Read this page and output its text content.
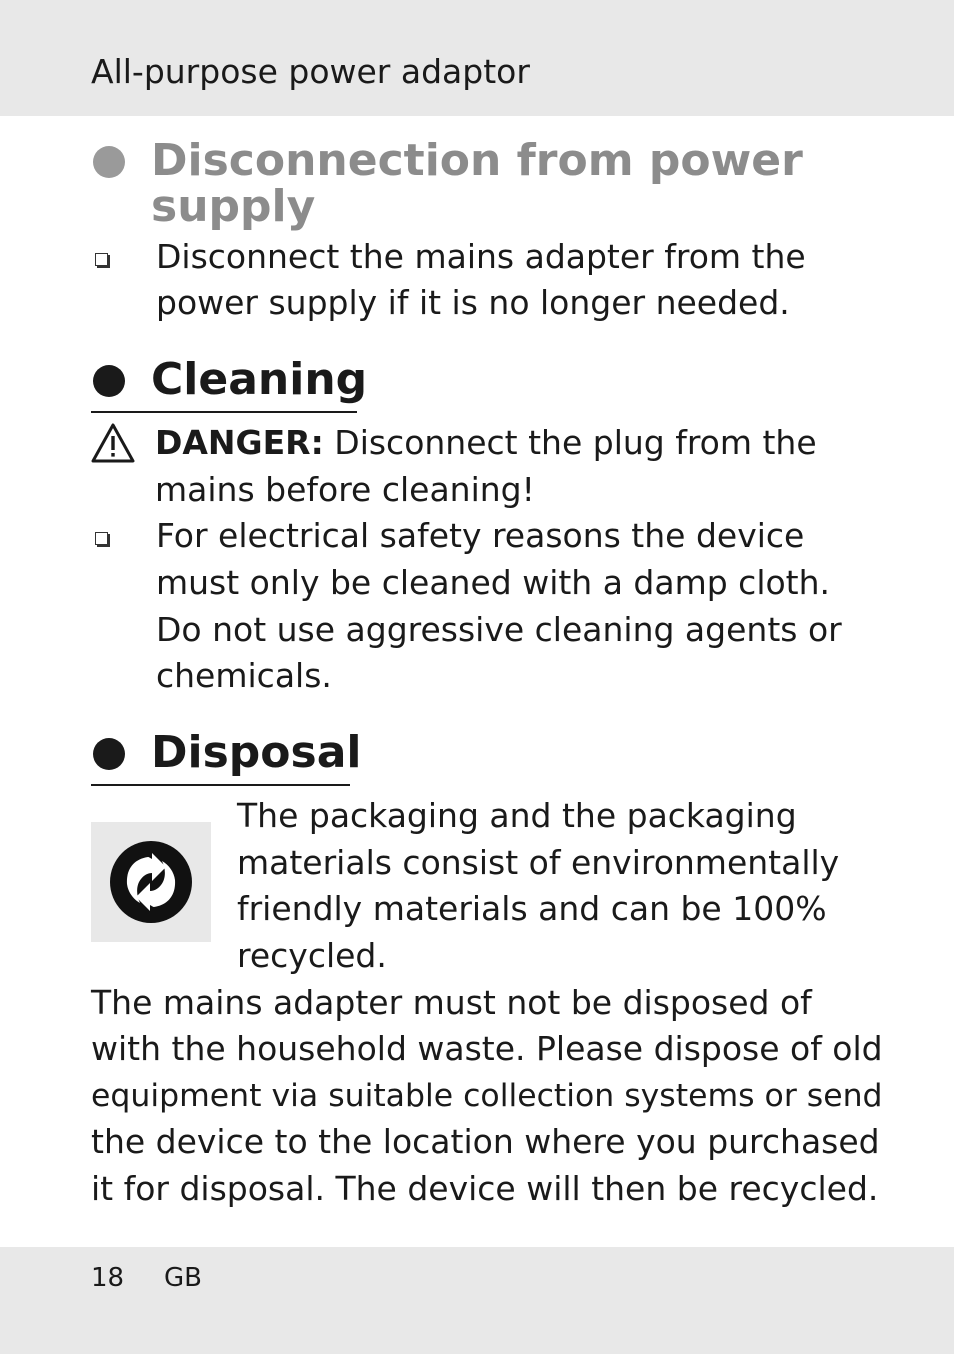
All-purpose power adaptor
Disconnection from power
supply
Disconnect the mains adapter from the
power supply if it is no longer needed.
Cleaning
DANGER: Disconnect the plug from the
mains before cleaning!
For electrical safety reasons the device
must only be cleaned with a damp cloth.
Do not use aggressive cleaning agents or
chemicals.
Disposal
The packaging and the packaging
materials consist of environmentally
friendly materials and can be 100%
recycled.
The mains adapter must not be disposed of
with the household waste. Please dispose of old
equipment via suitable collection systems or send
the device to the location where you purchased
it for disposal. The device will then be recycled.
18 GB
